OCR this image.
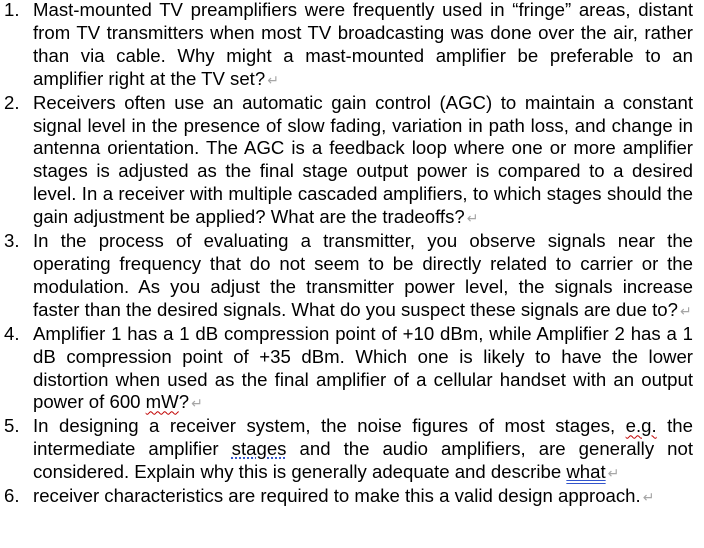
1. Mast-mounted TV preamplifiers were frequently used in “fringe” areas, distant from TV transmitters when most TV broadcasting was done over the air, rather than via cable. Why might a mast-mounted amplifier be preferable to an amplifier right at the TV set? ↵
2. Receivers often use an automatic gain control (AGC) to maintain a constant signal level in the presence of slow fading, variation in path loss, and change in antenna orientation. The AGC is a feedback loop where one or more amplifier stages is adjusted as the final stage output power is compared to a desired level. In a receiver with multiple cascaded amplifiers, to which stages should the gain adjustment be applied? What are the tradeoffs? ↵
3. In the process of evaluating a transmitter, you observe signals near the operating frequency that do not seem to be directly related to carrier or the modulation. As you adjust the transmitter power level, the signals increase faster than the desired signals. What do you suspect these signals are due to? ↵
4. Amplifier 1 has a 1 dB compression point of +10 dBm, while Amplifier 2 has a 1 dB compression point of +35 dBm. Which one is likely to have the lower distortion when used as the final amplifier of a cellular handset with an output power of 600 mW? ↵
5. In designing a receiver system, the noise figures of most stages, e.g. the intermediate amplifier stages and the audio amplifiers, are generally not considered. Explain why this is generally adequate and describe what ↵
6. receiver characteristics are required to make this a valid design approach. ↵
